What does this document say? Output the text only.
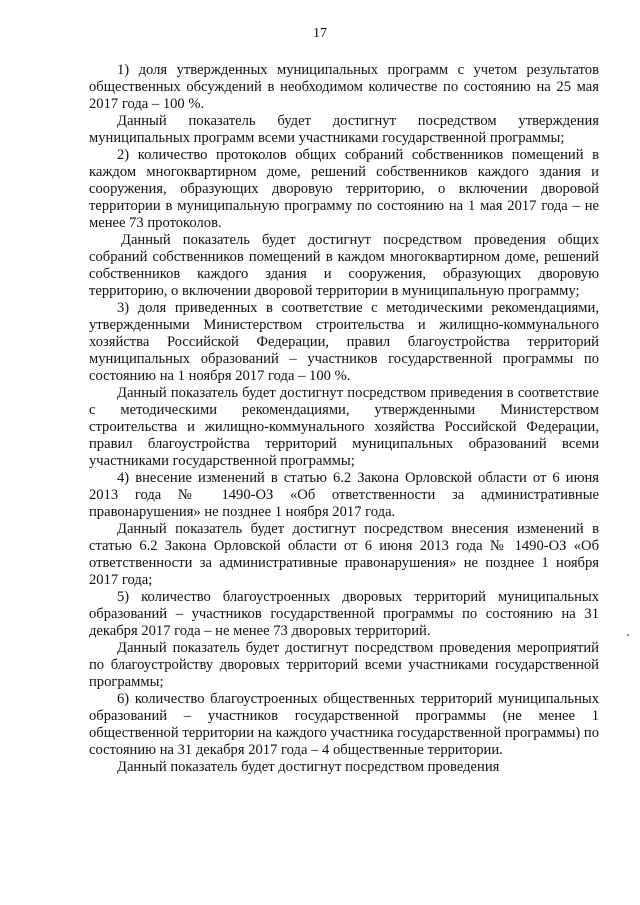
17

1) доля утвержденных муниципальных программ с учетом результатов общественных обсуждений в необходимом количестве по состоянию на 25 мая 2017 года – 100 %.

Данный показатель будет достигнут посредством утверждения муниципальных программ всеми участниками государственной программы;

2) количество протоколов общих собраний собственников помещений в каждом многоквартирном доме, решений собственников каждого здания и сооружения, образующих дворовую территорию, о включении дворовой территории в муниципальную программу по состоянию на 1 мая 2017 года – не менее 73 протоколов.

Данный показатель будет достигнут посредством проведения общих собраний собственников помещений в каждом многоквартирном доме, решений собственников каждого здания и сооружения, образующих дворовую территорию, о включении дворовой территории в муниципальную программу;

3) доля приведенных в соответствие с методическими рекомендациями, утвержденными Министерством строительства и жилищно-коммунального хозяйства Российской Федерации, правил благоустройства территорий муниципальных образований – участников государственной программы по состоянию на 1 ноября 2017 года – 100 %.

Данный показатель будет достигнут посредством приведения в соответствие с методическими рекомендациями, утвержденными Министерством строительства и жилищно-коммунального хозяйства Российской Федерации, правил благоустройства территорий муниципальных образований всеми участниками государственной программы;

4) внесение изменений в статью 6.2 Закона Орловской области от 6 июня 2013 года № 1490-ОЗ «Об ответственности за административные правонарушения» не позднее 1 ноября 2017 года.

Данный показатель будет достигнут посредством внесения изменений в статью 6.2 Закона Орловской области от 6 июня 2013 года № 1490-ОЗ «Об ответственности за административные правонарушения» не позднее 1 ноября 2017 года;

5) количество благоустроенных дворовых территорий муниципальных образований – участников государственной программы по состоянию на 31 декабря 2017 года – не менее 73 дворовых территорий.

Данный показатель будет достигнут посредством проведения мероприятий по благоустройству дворовых территорий всеми участниками государственной программы;

6) количество благоустроенных общественных территорий муниципальных образований – участников государственной программы (не менее 1 общественной территории на каждого участника государственной программы) по состоянию на 31 декабря 2017 года – 4 общественные территории.

Данный показатель будет достигнут посредством проведения
